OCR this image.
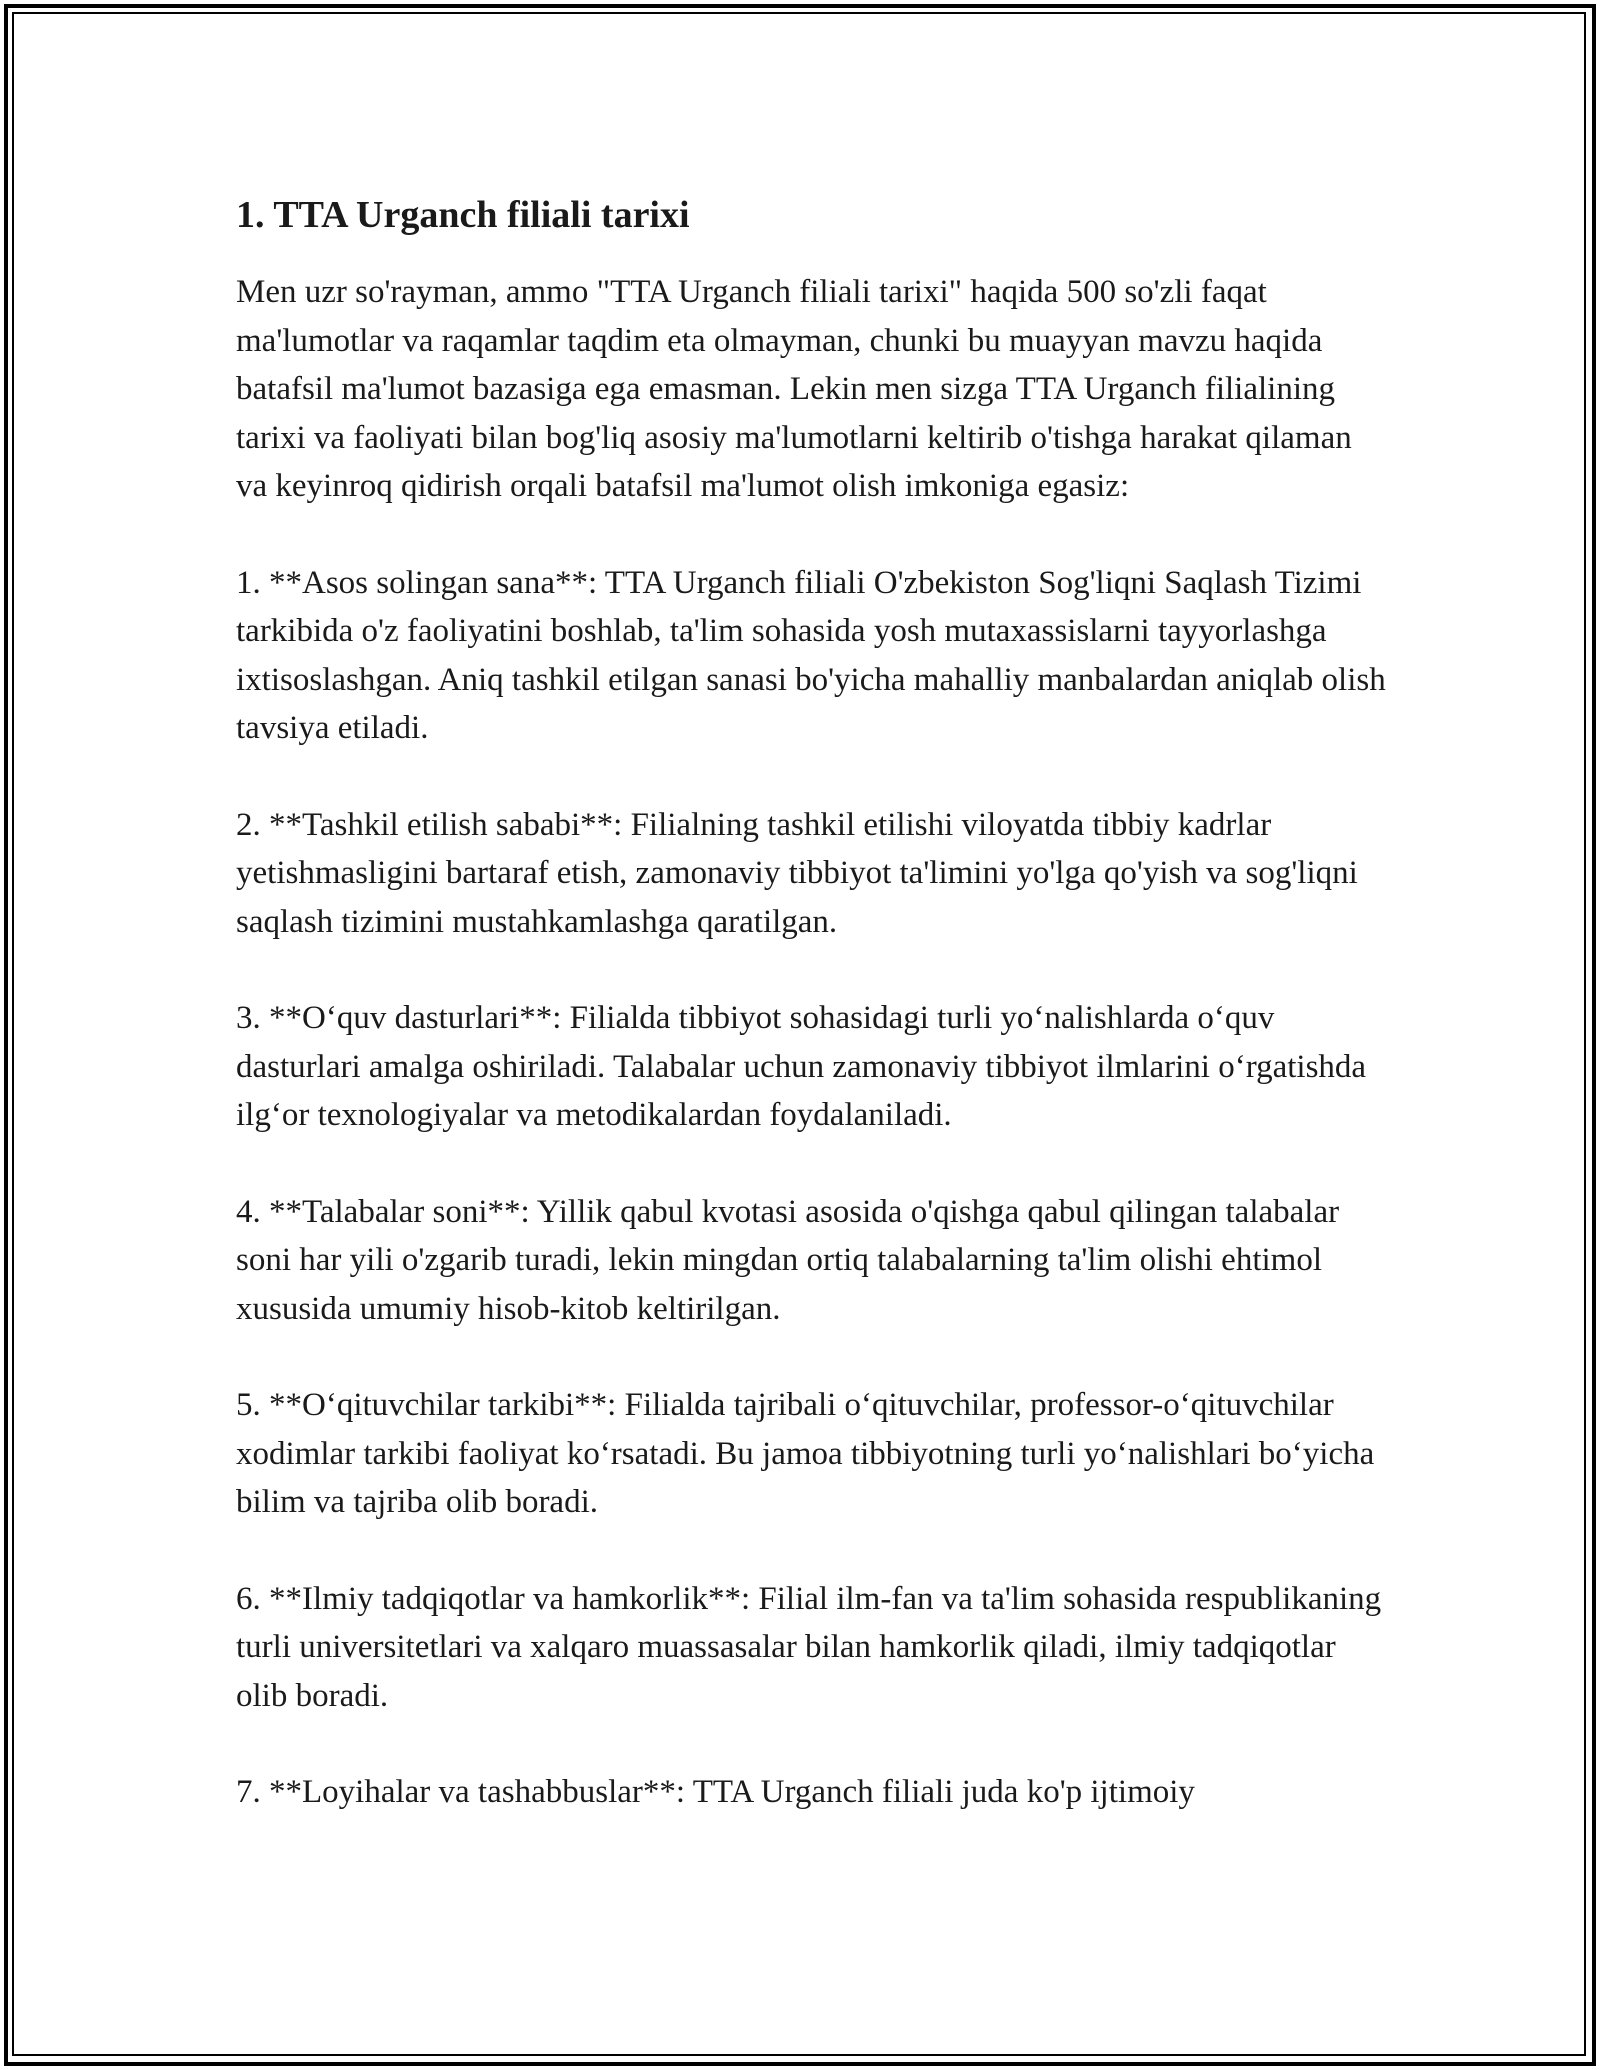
1. TTA Urganch filiali tarixi

Men uzr so'rayman, ammo "TTA Urganch filiali tarixi" haqida 500 so'zli faqat ma'lumotlar va raqamlar taqdim eta olmayman, chunki bu muayyan mavzu haqida batafsil ma'lumot bazasiga ega emasman. Lekin men sizga TTA Urganch filialining tarixi va faoliyati bilan bog'liq asosiy ma'lumotlarni keltirib o'tishga harakat qilaman va keyinroq qidirish orqali batafsil ma'lumot olish imkoniga egasiz:

1. **Asos solingan sana**: TTA Urganch filiali O'zbekiston Sog'liqni Saqlash Tizimi tarkibida o'z faoliyatini boshlab, ta'lim sohasida yosh mutaxassislarni tayyorlashga ixtisoslashgan. Aniq tashkil etilgan sanasi bo'yicha mahalliy manbalardan aniqlab olish tavsiya etiladi.

2. **Tashkil etilish sababi**: Filialning tashkil etilishi viloyatda tibbiy kadrlar yetishmasligini bartaraf etish, zamonaviy tibbiyot ta'limini yo'lga qo'yish va sog'liqni saqlash tizimini mustahkamlashga qaratilgan.

3. **O‘quv dasturlari**: Filialda tibbiyot sohasidagi turli yo‘nalishlarda o‘quv dasturlari amalga oshiriladi. Talabalar uchun zamonaviy tibbiyot ilmlarini o‘rgatishda ilg‘or texnologiyalar va metodikalardan foydalaniladi.

4. **Talabalar soni**: Yillik qabul kvotasi asosida o'qishga qabul qilingan talabalar soni har yili o'zgarib turadi, lekin mingdan ortiq talabalarning ta'lim olishi ehtimol xususida umumiy hisob-kitob keltirilgan.

5. **O‘qituvchilar tarkibi**: Filialda tajribali o‘qituvchilar, professor-o‘qituvchilar xodimlar tarkibi faoliyat ko‘rsatadi. Bu jamoa tibbiyotning turli yo‘nalishlari bo‘yicha bilim va tajriba olib boradi.

6. **Ilmiy tadqiqotlar va hamkorlik**: Filial ilm-fan va ta'lim sohasida respublikaning turli universitetlari va xalqaro muassasalar bilan hamkorlik qiladi, ilmiy tadqiqotlar olib boradi.

7. **Loyihalar va tashabbuslar**: TTA Urganch filiali juda ko'p ijtimoiy
